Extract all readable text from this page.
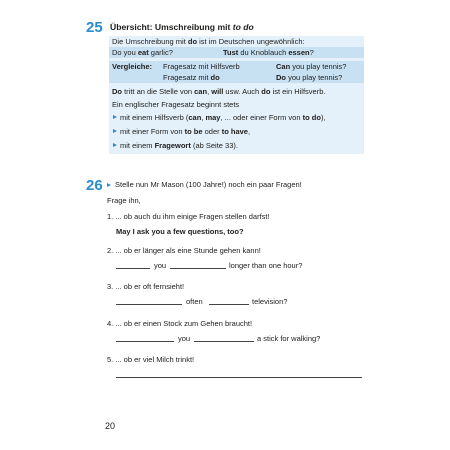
25 Übersicht: Umschreibung mit to do
Die Umschreibung mit do ist im Deutschen ungewöhnlich:
Do you eat garlic?	Tust du Knoblauch essen?
Vergleiche: Fragesatz mit Hilfsverb	Can you play tennis?
Fragesatz mit do	Do you play tennis?
Do tritt an die Stelle von can, will usw. Auch do ist ein Hilfsverb.
Ein englischer Fragesatz beginnt stets
mit einem Hilfsverb (can, may, ... oder einer Form von to do),
mit einer Form von to be oder to have,
mit einem Fragewort (ab Seite 33).
26 Stelle nun Mr Mason (100 Jahre!) noch ein paar Fragen!
Frage ihn,
1. ... ob auch du ihm einige Fragen stellen darfst!
May I ask you a few questions, too?
2. ... ob er länger als eine Stunde gehen kann!
you	longer than one hour?
3. ... ob er oft fernsieht!
often	television?
4. ... ob er einen Stock zum Gehen braucht!
you	a stick for walking?
5. ... ob er viel Milch trinkt!
20
